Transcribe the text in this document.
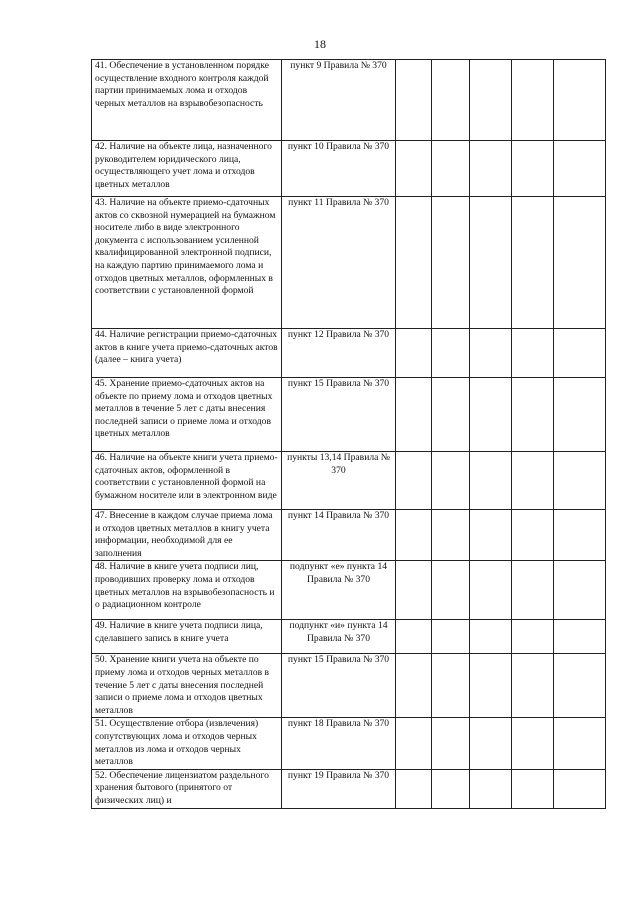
18
41. Обеспечение в установленном порядке осуществление входного контроля каждой партии принимаемых лома и отходов черных металлов на взрывобезопасность	пункт 9 Правила № 370					
42. Наличие на объекте лица, назначенного руководителем юридического лица, осуществляющего учет лома и отходов цветных металлов	пункт 10 Правила № 370					
43. Наличие на объекте приемо-сдаточных актов со сквозной нумерацией на бумажном носителе либо в виде электронного документа с использованием усиленной квалифицированной электронной подписи, на каждую партию принимаемого лома и отходов цветных металлов, оформленных в соответствии с установленной формой	пункт 11 Правила № 370					
44. Наличие регистрации приемо-сдаточных актов в книге учета приемо-сдаточных актов (далее – книга учета)	пункт 12 Правила № 370					
45. Хранение приемо-сдаточных актов на объекте по приему лома и отходов цветных металлов в течение 5 лет с даты внесения последней записи о приеме лома и отходов цветных металлов	пункт 15 Правила № 370					
46. Наличие на объекте книги учета приемо-сдаточных актов, оформленной в соответствии с установленной формой на бумажном носителе или в электронном виде	пункты 13,14 Правила № 370					
47. Внесение в каждом случае приема лома и отходов цветных металлов в книгу учета информации, необходимой для ее заполнения	пункт 14 Правила № 370					
48. Наличие в книге учета подписи лиц, проводивших проверку лома и отходов цветных металлов на взрывобезопасность и о радиационном контроле	подпункт «е» пункта 14 Правила № 370					
49. Наличие в книге учета подписи лица, сделавшего запись в книге учета	подпункт «и» пункта 14 Правила № 370					
50. Хранение книги учета на объекте по приему лома и отходов черных металлов в течение 5 лет с даты внесения последней записи о приеме лома и отходов цветных металлов	пункт 15 Правила № 370					
51. Осуществление отбора (извлечения) сопутствующих лома и отходов черных металлов из лома и отходов черных металлов	пункт 18 Правила № 370					
52. Обеспечение лицензиатом раздельного хранения бытового (принятого от физических лиц) и	пункт 19 Правила № 370					
